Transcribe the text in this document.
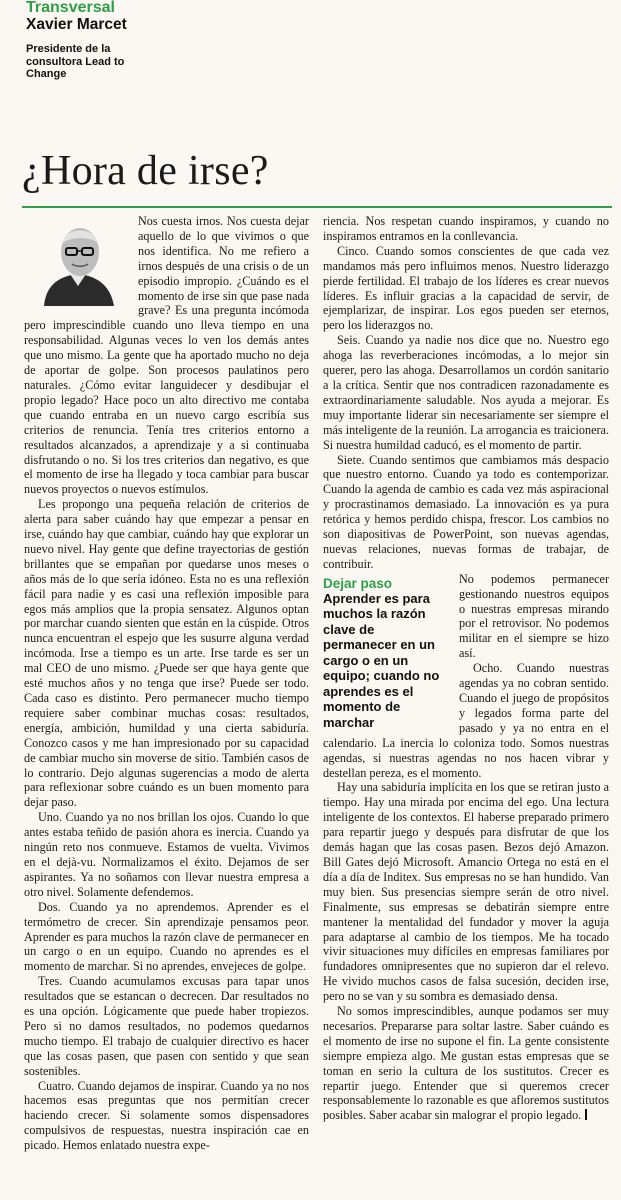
Transversal
Xavier Marcet
Presidente de la consultora Lead to Change
¿Hora de irse?

Nos cuesta irnos. Nos cuesta dejar aquello de lo que vivimos o que nos identifica. No me refiero a irnos después de una crisis o de un episodio impropio. ¿Cuándo es el momento de irse sin que pase nada grave? Es una pregunta incómoda pero imprescindible cuando uno lleva tiempo en una responsabilidad. Algunas veces lo ven los demás antes que uno mismo. La gente que ha aportado mucho no deja de aportar de golpe. Son procesos paulatinos pero naturales. ¿Cómo evitar languidecer y desdibujar el propio legado? Hace poco un alto directivo me contaba que cuando entraba en un nuevo cargo escribía sus criterios de renuncia. Tenía tres criterios entorno a resultados alcanzados, a aprendizaje y a si continuaba disfrutando o no. Si los tres criterios dan negativo, es que el momento de irse ha llegado y toca cambiar para buscar nuevos proyectos o nuevos estímulos.

Les propongo una pequeña relación de criterios de alerta para saber cuándo hay que empezar a pensar en irse, cuándo hay que cambiar, cuándo hay que explorar un nuevo nivel. Hay gente que define trayectorias de gestión brillantes que se empañan por quedarse unos meses o años más de lo que sería idóneo. Esta no es una reflexión fácil para nadie y es casi una reflexión imposible para egos más amplios que la propia sensatez. Algunos optan por marchar cuando sienten que están en la cúspide. Otros nunca encuentran el espejo que les susurre alguna verdad incómoda. Irse a tiempo es un arte. Irse tarde es ser un mal CEO de uno mismo. ¿Puede ser que haya gente que esté muchos años y no tenga que irse? Puede ser todo. Cada caso es distinto. Pero permanecer mucho tiempo requiere saber combinar muchas cosas: resultados, energía, ambición, humildad y una cierta sabiduría. Conozco casos y me han impresionado por su capacidad de cambiar mucho sin moverse de sitio. También casos de lo contrario. Dejo algunas sugerencias a modo de alerta para reflexionar sobre cuándo es un buen momento para dejar paso.

Uno. Cuando ya no nos brillan los ojos. Cuando lo que antes estaba teñido de pasión ahora es inercia. Cuando ya ningún reto nos conmueve. Estamos de vuelta. Vivimos en el dejà-vu. Normalizamos el éxito. Dejamos de ser aspirantes. Ya no soñamos con llevar nuestra empresa a otro nivel. Solamente defendemos.

Dos. Cuando ya no aprendemos. Aprender es el termómetro de crecer. Sin aprendizaje pensamos peor. Aprender es para muchos la razón clave de permanecer en un cargo o en un equipo. Cuando no aprendes es el momento de marchar. Si no aprendes, envejeces de golpe.

Tres. Cuando acumulamos excusas para tapar unos resultados que se estancan o decrecen. Dar resultados no es una opción. Lógicamente que puede haber tropiezos. Pero si no damos resultados, no podemos quedarnos mucho tiempo. El trabajo de cualquier directivo es hacer que las cosas pasen, que pasen con sentido y que sean sostenibles.

Cuatro. Cuando dejamos de inspirar. Cuando ya no nos hacemos esas preguntas que nos permitían crecer haciendo crecer. Si solamente somos dispensadores compulsivos de respuestas, nuestra inspiración cae en picado. Hemos enlatado nuestra expe-

riencia. Nos respetan cuando inspiramos, y cuando no inspiramos entramos en la conllevancia.

Cinco. Cuando somos conscientes de que cada vez mandamos más pero influimos menos. Nuestro liderazgo pierde fertilidad. El trabajo de los líderes es crear nuevos líderes. Es influir gracias a la capacidad de servir, de ejemplarizar, de inspirar. Los egos pueden ser eternos, pero los liderazgos no.

Seis. Cuando ya nadie nos dice que no. Nuestro ego ahoga las reverberaciones incómodas, a lo mejor sin querer, pero las ahoga. Desarrollamos un cordón sanitario a la crítica. Sentir que nos contradicen razonadamente es extraordinariamente saludable. Nos ayuda a mejorar. Es muy importante liderar sin necesariamente ser siempre el más inteligente de la reunión. La arrogancia es traicionera. Si nuestra humildad caducó, es el momento de partir.

Siete. Cuando sentimos que cambiamos más despacio que nuestro entorno. Cuando ya todo es contemporizar. Cuando la agenda de cambio es cada vez más aspiracional y procrastinamos demasiado. La innovación es ya pura retórica y hemos perdido chispa, frescor. Los cambios no son diapositivas de PowerPoint, son nuevas agendas, nuevas relaciones, nuevas formas de trabajar, de contribuir.

Dejar paso
Aprender es para muchos la razón clave de permanecer en un cargo o en un equipo; cuando no aprendes es el momento de marchar

No podemos permanecer gestionando nuestros equipos o nuestras empresas mirando por el retrovisor. No podemos militar en el siempre se hizo así.

Ocho. Cuando nuestras agendas ya no cobran sentido. Cuando el juego de propósitos y legados forma parte del pasado y ya no entra en el calendario. La inercia lo coloniza todo. Somos nuestras agendas, si nuestras agendas no nos hacen vibrar y destellan pereza, es el momento.

Hay una sabiduría implícita en los que se retiran justo a tiempo. Hay una mirada por encima del ego. Una lectura inteligente de los contextos. El haberse preparado primero para repartir juego y después para disfrutar de que los demás hagan que las cosas pasen. Bezos dejó Amazon. Bill Gates dejó Microsoft. Amancio Ortega no está en el día a día de Inditex. Sus empresas no se han hundido. Van muy bien. Sus presencias siempre serán de otro nivel. Finalmente, sus empresas se debatirán siempre entre mantener la mentalidad del fundador y mover la aguja para adaptarse al cambio de los tiempos. Me ha tocado vivir situaciones muy difíciles en empresas familiares por fundadores omnipresentes que no supieron dar el relevo. He vivido muchos casos de falsa sucesión, deciden irse, pero no se van y su sombra es demasiado densa.

No somos imprescindibles, aunque podamos ser muy necesarios. Prepararse para soltar lastre. Saber cuándo es el momento de irse no supone el fin. La gente consistente siempre empieza algo. Me gustan estas empresas que se toman en serio la cultura de los sustitutos. Crecer es repartir juego. Entender que si queremos crecer responsablemente lo razonable es que afloremos sustitutos posibles. Saber acabar sin malograr el propio legado.
